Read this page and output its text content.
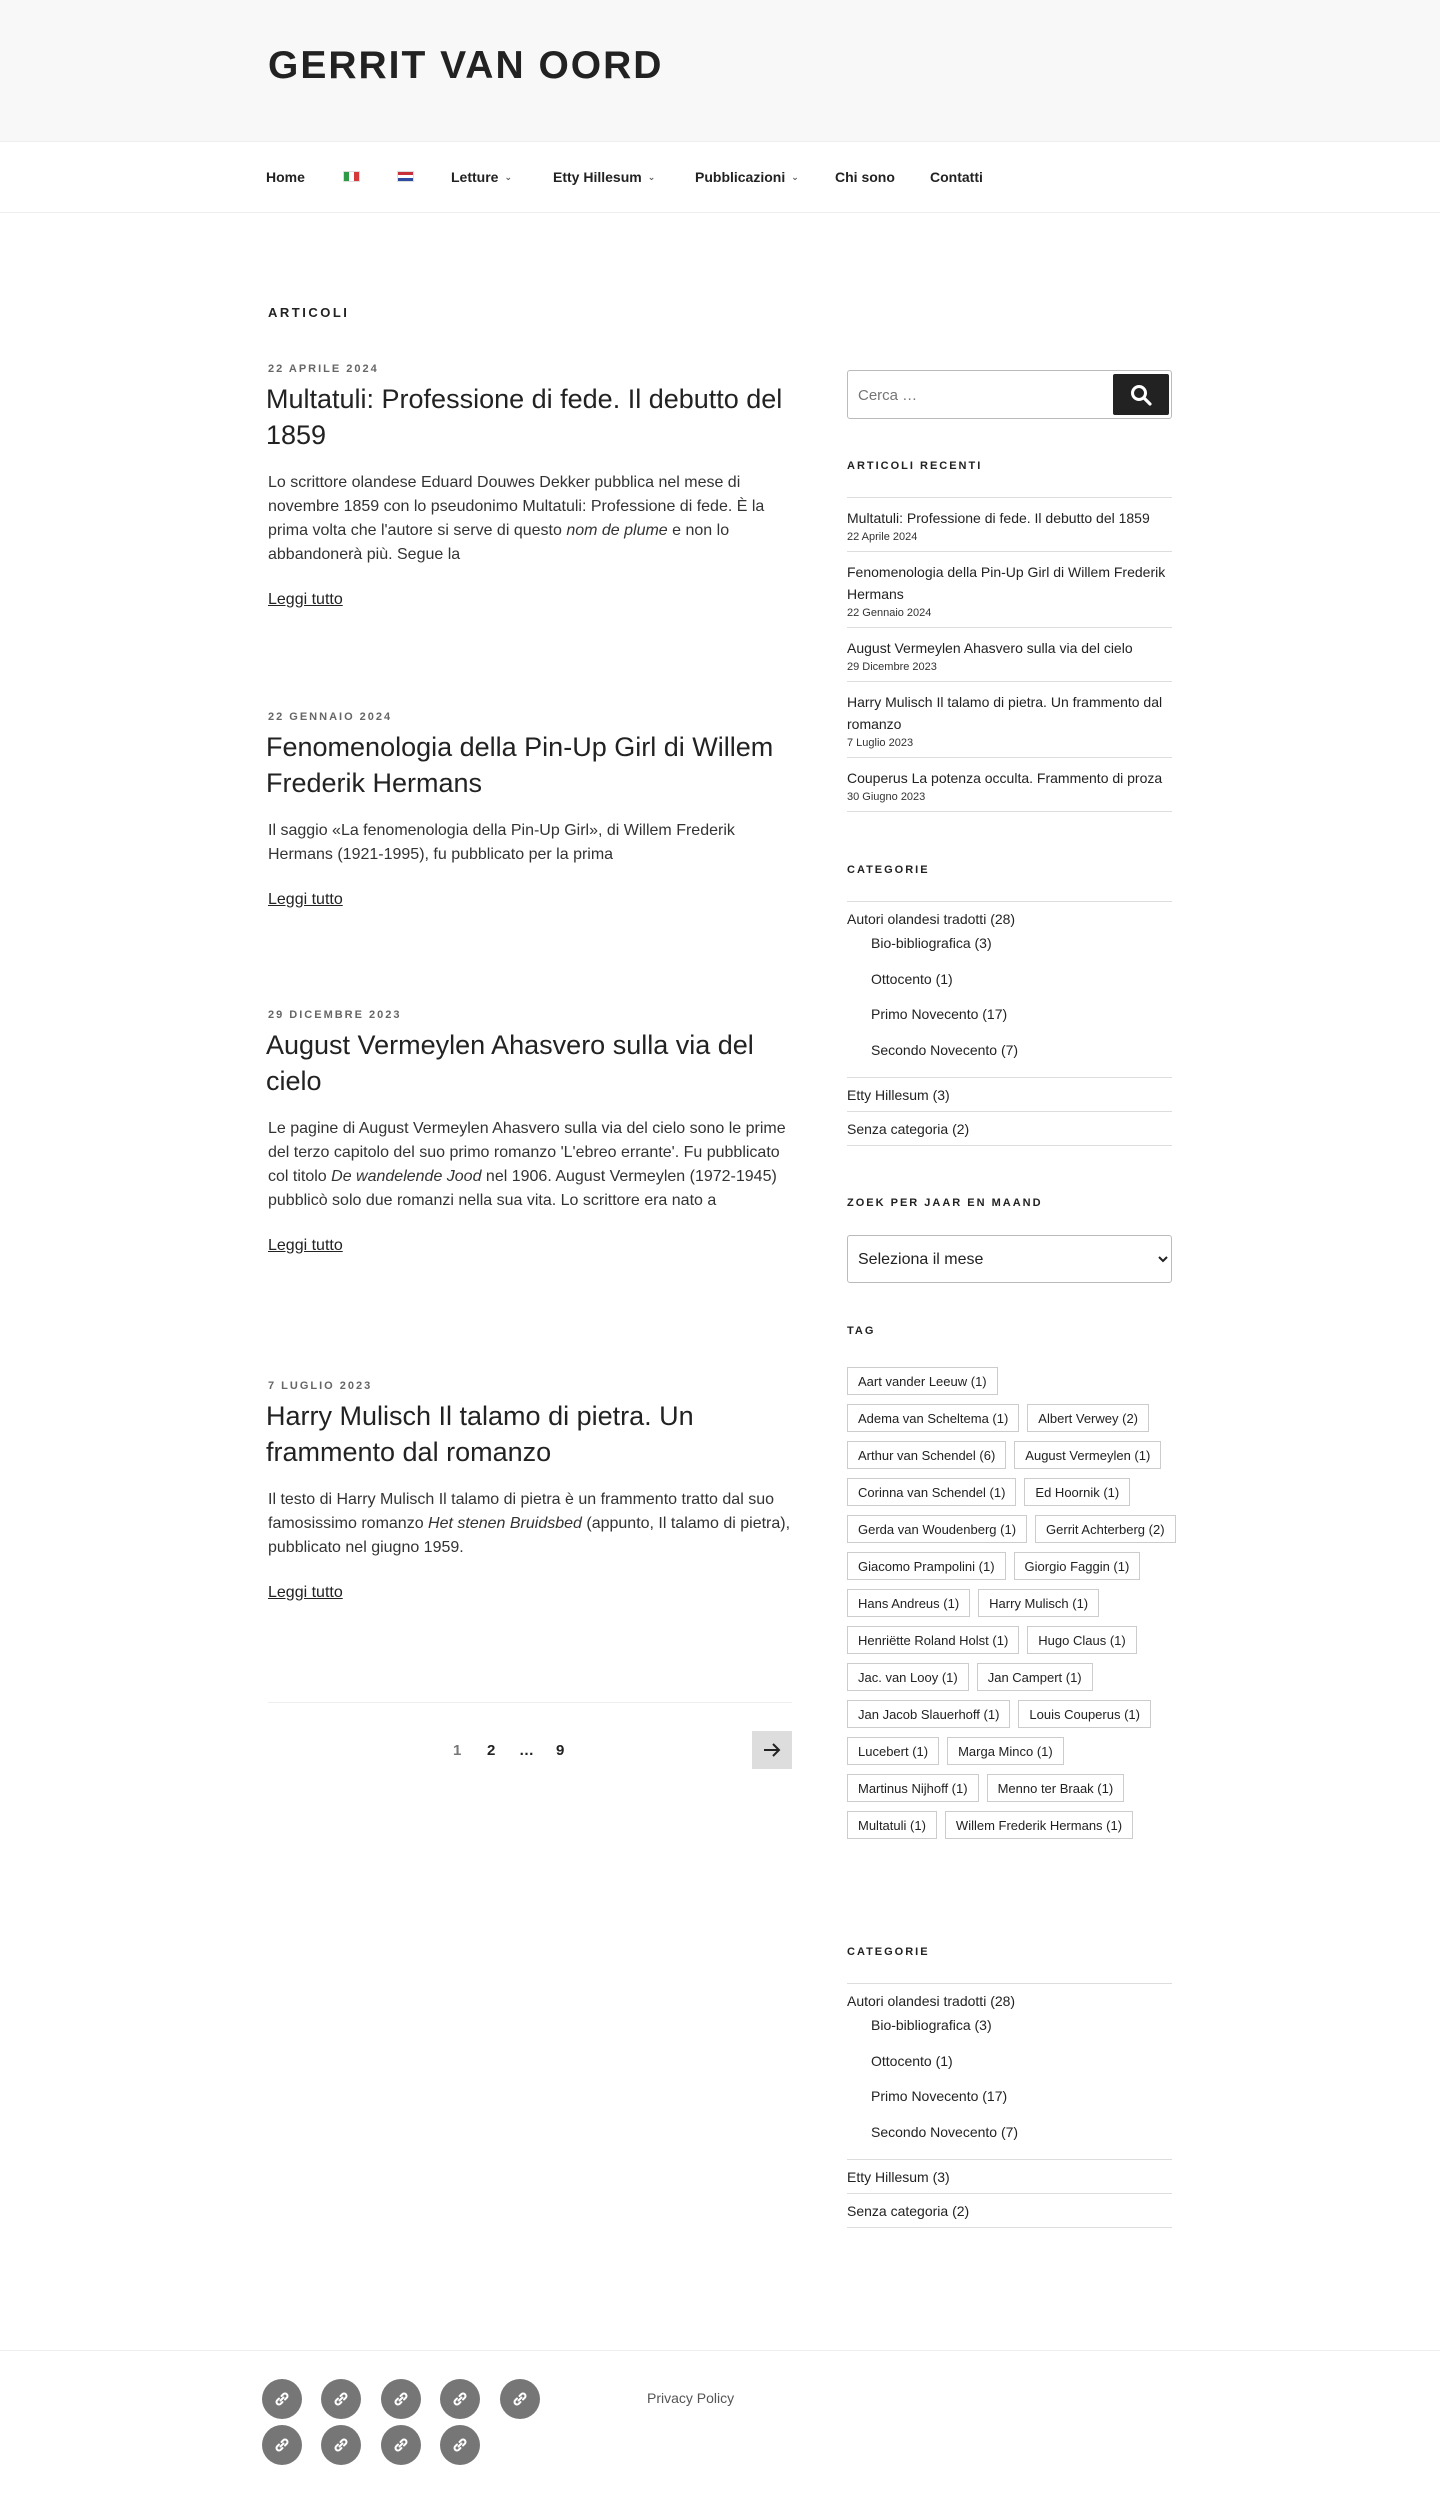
GERRIT VAN OORD
Home	Letture ⌄	Etty Hillesum ⌄	Pubblicazioni ⌄	Chi sono	Contatti
ARTICOLI
22 APRILE 2024
Multatuli: Professione di fede. Il debutto del 1859

Lo scrittore olandese Eduard Douwes Dekker pubblica nel mese di novembre 1859 con lo pseudonimo Multatuli: Professione di fede. È la prima volta che l'autore si serve di questo nom de plume e non lo abbandonerà più. Segue la

Leggi tutto
22 GENNAIO 2024
Fenomenologia della Pin-Up Girl di Willem Frederik Hermans

Il saggio «La fenomenologia della Pin-Up Girl», di Willem Frederik Hermans (1921-1995), fu pubblicato per la prima

Leggi tutto
29 DICEMBRE 2023
August Vermeylen Ahasvero sulla via del cielo

Le pagine di August Vermeylen Ahasvero sulla via del cielo sono le prime del terzo capitolo del suo primo romanzo 'L'ebreo errante'. Fu pubblicato col titolo De wandelende Jood nel 1906. August Vermeylen (1972-1945) pubblicò solo due romanzi nella sua vita. Lo scrittore era nato a

Leggi tutto
7 LUGLIO 2023
Harry Mulisch Il talamo di pietra. Un frammento dal romanzo

Il testo di Harry Mulisch Il talamo di pietra è un frammento tratto dal suo famosissimo romanzo Het stenen Bruidsbed (appunto, Il talamo di pietra), pubblicato nel giugno 1959.

Leggi tutto
1 2 … 9
Cerca …
ARTICOLI RECENTI
Multatuli: Professione di fede. Il debutto del 1859
22 Aprile 2024
Fenomenologia della Pin-Up Girl di Willem Frederik Hermans
22 Gennaio 2024
August Vermeylen Ahasvero sulla via del cielo
29 Dicembre 2023
Harry Mulisch Il talamo di pietra. Un frammento dal romanzo
7 Luglio 2023
Couperus La potenza occulta. Frammento di proza
30 Giugno 2023
CATEGORIE
Autori olandesi tradotti (28)
Bio-bibliografica (3)
Ottocento (1)
Primo Novecento (17)
Secondo Novecento (7)
Etty Hillesum (3)
Senza categoria (2)
ZOEK PER JAAR EN MAAND
Seleziona il mese
TAG
Aart vander Leeuw (1)
Adema van Scheltema (1)	Albert Verwey (2)
Arthur van Schendel (6)	August Vermeylen (1)
Corinna van Schendel (1)	Ed Hoornik (1)
Gerda van Woudenberg (1)	Gerrit Achterberg (2)
Giacomo Prampolini (1)	Giorgio Faggin (1)
Hans Andreus (1)	Harry Mulisch (1)
Henriëtte Roland Holst (1)	Hugo Claus (1)
Jac. van Looy (1)	Jan Campert (1)
Jan Jacob Slauerhoff (1)	Louis Couperus (1)
Lucebert (1)	Marga Minco (1)
Martinus Nijhoff (1)	Menno ter Braak (1)
Multatuli (1)	Willem Frederik Hermans (1)
CATEGORIE
Autori olandesi tradotti (28)
Bio-bibliografica (3)
Ottocento (1)
Primo Novecento (17)
Secondo Novecento (7)
Etty Hillesum (3)
Senza categoria (2)
Privacy Policy
